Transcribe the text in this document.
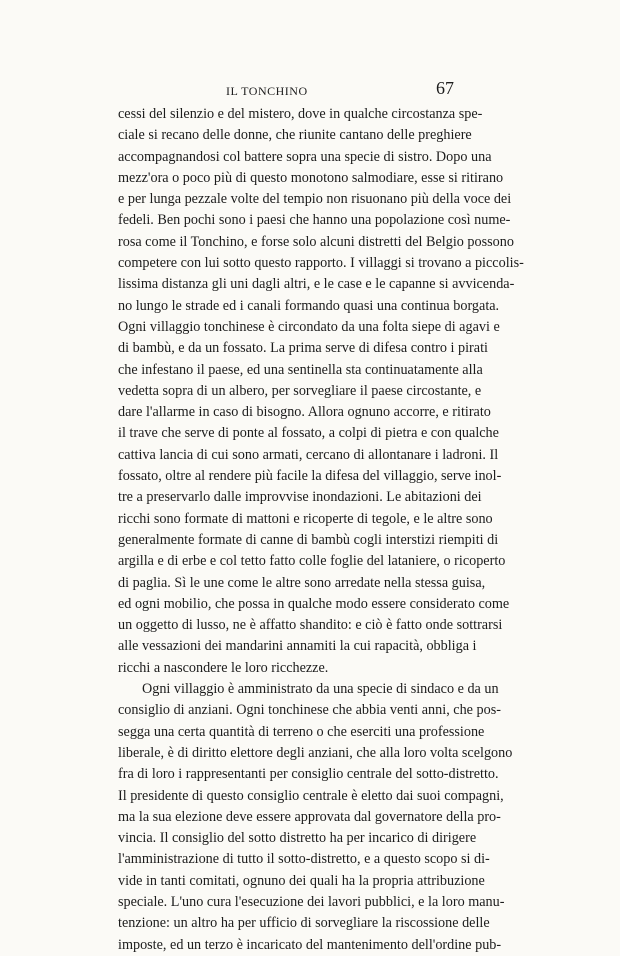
IL TONCHINO	67
cessi del silenzio e del mistero, dove in qualche circostanza spe-
ciale si recano delle donne, che riunite cantano delle preghiere
accompagnandosi col battere sopra una specie di sistro. Dopo una
mezz'ora o poco più di questo monotono salmodiare, esse si ritirano
e per lunga pezzale volte del tempio non risuonano più della voce dei
fedeli. Ben pochi sono i paesi che hanno una popolazione così nume-
rosa come il Tonchino, e forse solo alcuni distretti del Belgio possono
competere con lui sotto questo rapporto. I villaggi si trovano a piccolis-
lissima distanza gli uni dagli altri, e le case e le capanne si avvicenda-
no lungo le strade ed i canali formando quasi una continua borgata.
Ogni villaggio tonchinese è circondato da una folta siepe di agavi e
di bambù, e da un fossato. La prima serve di difesa contro i pirati
che infestano il paese, ed una sentinella sta continuatamente alla
vedetta sopra di un albero, per sorvegliare il paese circostante, e
dare l'allarme in caso di bisogno. Allora ognuno accorre, e ritirato
il trave che serve di ponte al fossato, a colpi di pietra e con qualche
cattiva lancia di cui sono armati, cercano di allontanare i ladroni. Il
fossato, oltre al rendere più facile la difesa del villaggio, serve inol-
tre a preservarlo dalle improvvise inondazioni. Le abitazioni dei
ricchi sono formate di mattoni e ricoperte di tegole, e le altre sono
generalmente formate di canne di bambù cogli interstizi riempiti di
argilla e di erbe e col tetto fatto colle foglie del lataniere, o ricoperto
di paglia. Sì le une come le altre sono arredate nella stessa guisa,
ed ogni mobilio, che possa in qualche modo essere considerato come
un oggetto di lusso, ne è affatto shandito: e ciò è fatto onde sottrarsi
alle vessazioni dei mandarini annamiti la cui rapacità, obbliga i
ricchi a nascondere le loro ricchezze.
Ogni villaggio è amministrato da una specie di sindaco e da un
consiglio di anziani. Ogni tonchinese che abbia venti anni, che pos-
segga una certa quantità di terreno o che eserciti una professione
liberale, è di diritto elettore degli anziani, che alla loro volta scelgono
fra di loro i rappresentanti per consiglio centrale del sotto-distretto.
Il presidente di questo consiglio centrale è eletto dai suoi compagni,
ma la sua elezione deve essere approvata dal governatore della pro-
vincia. Il consiglio del sotto distretto ha per incarico di dirigere
l'amministrazione di tutto il sotto-distretto, e a questo scopo si di-
vide in tanti comitati, ognuno dei quali ha la propria attribuzione
speciale. L'uno cura l'esecuzione dei lavori pubblici, e la loro manu-
tenzione: un altro ha per ufficio di sorvegliare la riscossione delle
imposte, ed un terzo è incaricato del mantenimento dell'ordine pub-
